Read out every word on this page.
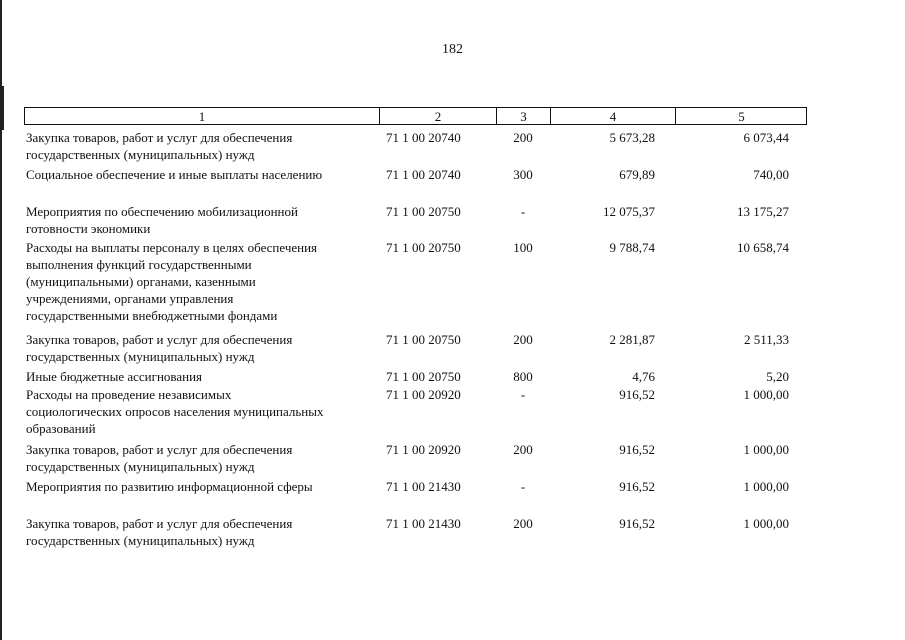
182
1	2	3	4	5
Закупка товаров, работ и услуг для обеспечения
государственных (муниципальных) нужд
71 1 00 20740	200	5 673,28	6 073,44
Социальное обеспечение и иные выплаты населению	71 1 00 20740	300	679,89	740,00
Мероприятия по обеспечению мобилизационной
готовности экономики
71 1 00 20750	-	12 075,37	13 175,27
Расходы на выплаты персоналу в целях обеспечения
выполнения функций государственными
(муниципальными) органами, казенными
учреждениями, органами управления
государственными внебюджетными фондами
71 1 00 20750	100	9 788,74	10 658,74
Закупка товаров, работ и услуг для обеспечения
государственных (муниципальных) нужд
71 1 00 20750	200	2 281,87	2 511,33
Иные бюджетные ассигнования	71 1 00 20750	800	4,76	5,20
Расходы на проведение независимых
социологических опросов населения муниципальных
образований
71 1 00 20920	-	916,52	1 000,00
Закупка товаров, работ и услуг для обеспечения
государственных (муниципальных) нужд
71 1 00 20920	200	916,52	1 000,00
Мероприятия по развитию информационной сферы	71 1 00 21430	-	916,52	1 000,00
Закупка товаров, работ и услуг для обеспечения
государственных (муниципальных) нужд
71 1 00 21430	200	916,52	1 000,00
